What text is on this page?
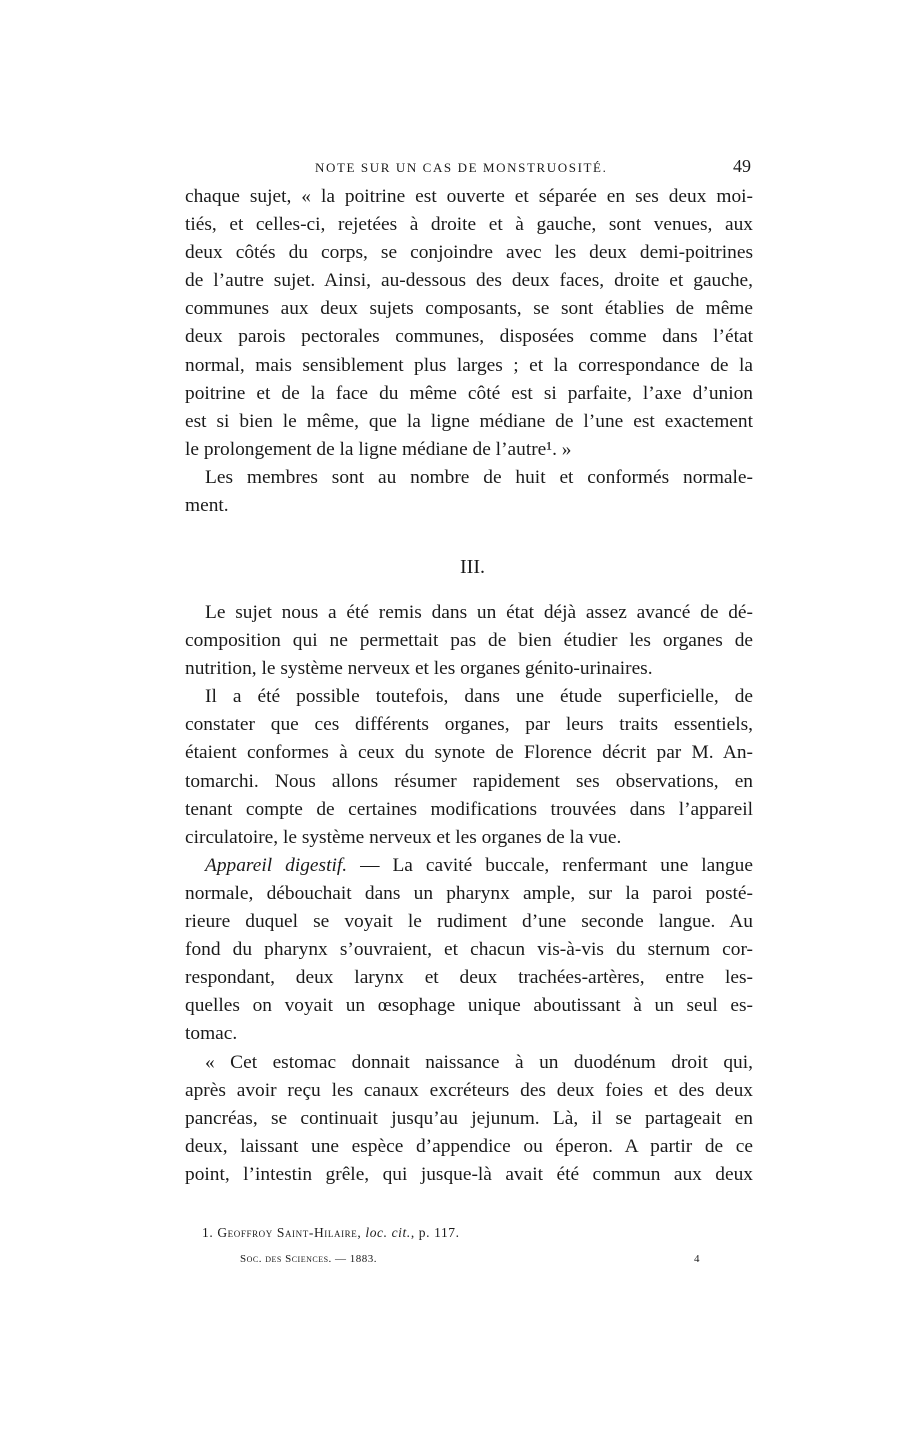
NOTE SUR UN CAS DE MONSTRUOSITÉ.	49

chaque sujet, « la poitrine est ouverte et séparée en ses deux moi-

tiés, et celles-ci, rejetées à droite et à gauche, sont venues, aux

deux côtés du corps, se conjoindre avec les deux demi-poitrines

de l’autre sujet. Ainsi, au-dessous des deux faces, droite et gauche,

communes aux deux sujets composants, se sont établies de même

deux parois pectorales communes, disposées comme dans l’état

normal, mais sensiblement plus larges ; et la correspondance de la

poitrine et de la face du même côté est si parfaite, l’axe d’union

est si bien le même, que la ligne médiane de l’une est exactement

le prolongement de la ligne médiane de l’autre¹. »

Les membres sont au nombre de huit et conformés normale-

ment.

III.

Le sujet nous a été remis dans un état déjà assez avancé de dé-

composition qui ne permettait pas de bien étudier les organes de

nutrition, le système nerveux et les organes génito-urinaires.

Il a été possible toutefois, dans une étude superficielle, de

constater que ces différents organes, par leurs traits essentiels,

étaient conformes à ceux du synote de Florence décrit par M. An-

tomarchi. Nous allons résumer rapidement ses observations, en

tenant compte de certaines modifications trouvées dans l’appareil

circulatoire, le système nerveux et les organes de la vue.

Appareil digestif. — La cavité buccale, renfermant une langue

normale, débouchait dans un pharynx ample, sur la paroi posté-

rieure duquel se voyait le rudiment d’une seconde langue. Au

fond du pharynx s’ouvraient, et chacun vis-à-vis du sternum cor-

respondant, deux larynx et deux trachées-artères, entre les-

quelles on voyait un œsophage unique aboutissant à un seul es-

tomac.

« Cet estomac donnait naissance à un duodénum droit qui,

après avoir reçu les canaux excréteurs des deux foies et des deux

pancréas, se continuait jusqu’au jejunum. Là, il se partageait en

deux, laissant une espèce d’appendice ou éperon. A partir de ce

point, l’intestin grêle, qui jusque-là avait été commun aux deux

1. Geoffroy Saint-Hilaire, loc. cit., p. 117.
Soc. des Sciences. — 1883.	4
